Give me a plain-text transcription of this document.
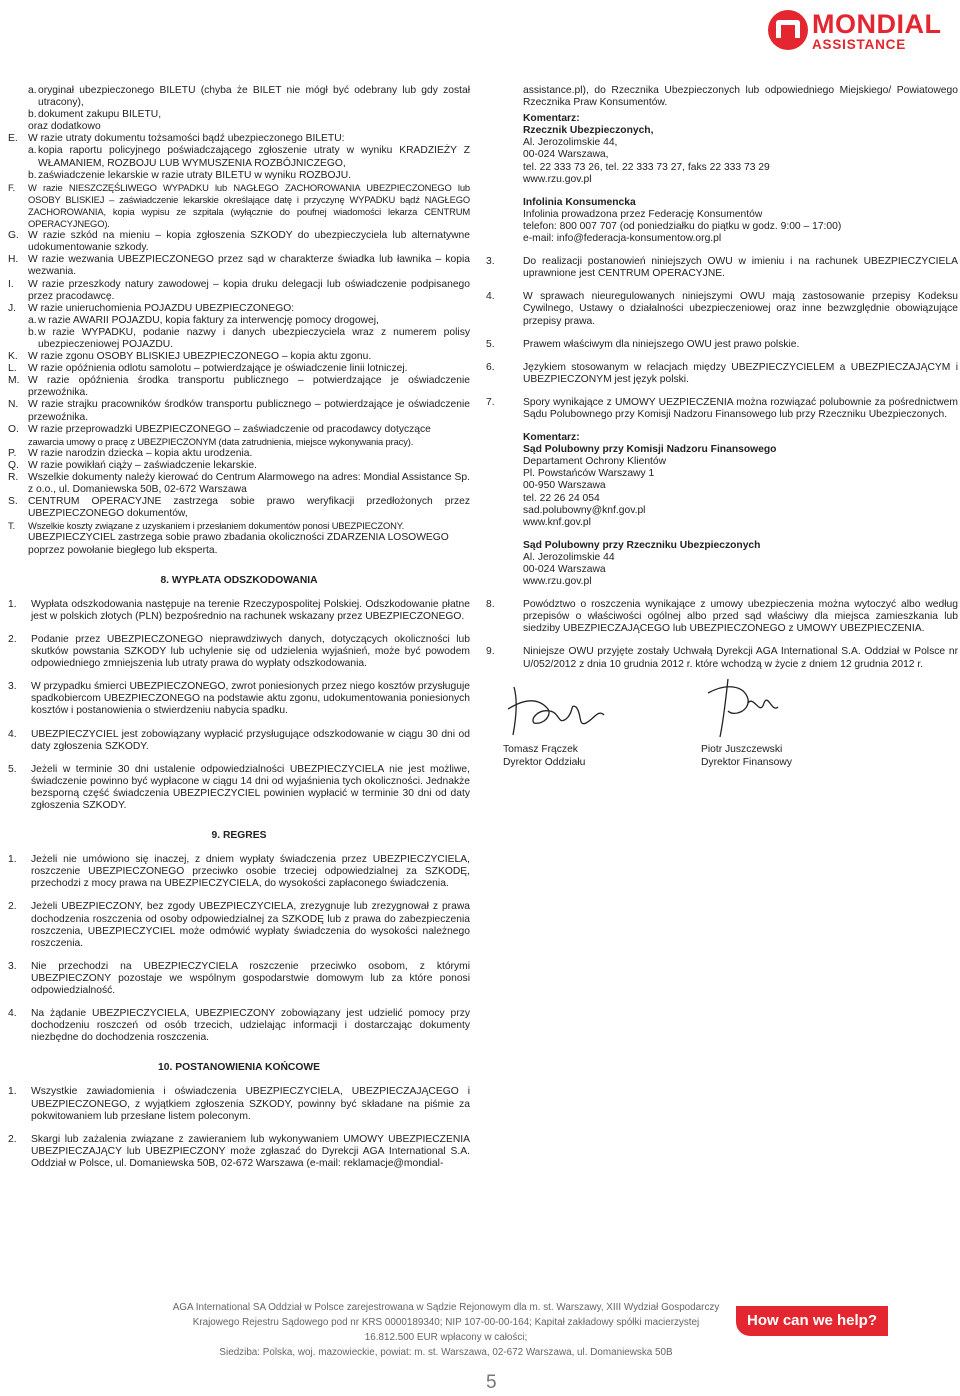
MONDIAL
ASSISTANCE
a. oryginał ubezpieczonego BILETU (chyba że BILET nie mógł być odebrany lub gdy został utracony),
b. dokument zakupu BILETU,
oraz dodatkowo
E. W razie utraty dokumentu tożsamości bądź ubezpieczonego BILETU:
a. kopia raportu policyjnego poświadczającego zgłoszenie utraty w wyniku KRADZIEŻY Z WŁAMANIEM, ROZBOJU LUB WYMUSZENIA ROZBÓJNICZEGO,
b. zaświadczenie lekarskie w razie utraty BILETU w wyniku ROZBOJU.
F.	W razie NIESZCZĘŚLIWEGO WYPADKU lub NAGŁEGO ZACHOROWANIA UBEZPIECZONEGO lub OSOBY BLISKIEJ – zaświadczenie lekarskie określające datę i przyczynę WYPADKU bądź NAGŁEGO ZACHOROWANIA, kopia wypisu ze szpitala (wyłącznie do poufnej wiadomości lekarza CENTRUM OPERACYJNEGO).
G. W razie szkód na mieniu – kopia zgłoszenia SZKODY do ubezpieczyciela lub alternatywne udokumentowanie szkody.
H. W razie wezwania UBEZPIECZONEGO przez sąd w charakterze świadka lub ławnika – kopia wezwania.
I.	W razie przeszkody natury zawodowej – kopia druku delegacji lub oświadczenie podpisanego przez pracodawcę.
J.	W razie unieruchomienia POJAZDU UBEZPIECZONEGO:
a. w razie AWARII POJAZDU, kopia faktury za interwencję pomocy drogowej,
b. w razie WYPADKU, podanie nazwy i danych ubezpieczyciela wraz z numerem polisy ubezpieczeniowej POJAZDU.
K. W razie zgonu OSOBY BLISKIEJ UBEZPIECZONEGO – kopia aktu zgonu.
L.	W razie opóźnienia odlotu samolotu – potwierdzające je oświadczenie linii lotniczej.
M. W razie opóźnienia środka transportu publicznego – potwierdzające je oświadczenie przewoźnika.
N. W razie strajku pracowników środków transportu publicznego – potwierdzające je oświadczenie przewoźnika.
O. W razie przeprowadzki UBEZPIECZONEGO – zaświadczenie od pracodawcy dotyczące
zawarcia umowy o pracę z UBEZPIECZONYM (data zatrudnienia, miejsce wykonywania pracy).
P.	W razie narodzin dziecka – kopia aktu urodzenia.
Q. W razie powikłań ciąży – zaświadczenie lekarskie.
R. Wszelkie dokumenty należy kierować do Centrum Alarmowego na adres: Mondial Assistance Sp. z o.o., ul. Domaniewska 50B, 02-672 Warszawa
S. CENTRUM OPERACYJNE zastrzega sobie prawo weryfikacji przedłożonych przez UBEZPIECZONEGO dokumentów,
T.	Wszelkie koszty związane z uzyskaniem i przesłaniem dokumentów ponosi UBEZPIECZONY.
UBEZPIECZYCIEL zastrzega sobie prawo zbadania okoliczności ZDARZENIA LOSOWEGO poprzez powołanie biegłego lub eksperta.
8. WYPŁATA ODSZKODOWANIA
1.	Wypłata odszkodowania następuje na terenie Rzeczypospolitej Polskiej. Odszkodowanie płatne jest w polskich złotych (PLN) bezpośrednio na rachunek wskazany przez UBEZPIECZONEGO.
2.	Podanie przez UBEZPIECZONEGO nieprawdziwych danych, dotyczących okoliczności lub skutków powstania SZKODY lub uchylenie się od udzielenia wyjaśnień, może być powodem odpowiedniego zmniejszenia lub utraty prawa do wypłaty odszkodowania.
3.	W przypadku śmierci UBEZPIECZONEGO, zwrot poniesionych przez niego kosztów przysługuje spadkobiercom UBEZPIECZONEGO na podstawie aktu zgonu, udokumentowania poniesionych kosztów i postanowienia o stwierdzeniu nabycia spadku.
4.	UBEZPIECZYCIEL jest zobowiązany wypłacić przysługujące odszkodowanie w ciągu 30 dni od daty zgłoszenia SZKODY.
5.	Jeżeli w terminie 30 dni ustalenie odpowiedzialności UBEZPIECZYCIELA nie jest możliwe, świadczenie powinno być wypłacone w ciągu 14 dni od wyjaśnienia tych okoliczności. Jednakże bezsporną część świadczenia UBEZPIECZYCIEL powinien wypłacić w terminie 30 dni od daty zgłoszenia SZKODY.
9. REGRES
1.	Jeżeli nie umówiono się inaczej, z dniem wypłaty świadczenia przez UBEZPIECZYCIELA, roszczenie UBEZPIECZONEGO przeciwko osobie trzeciej odpowiedzialnej za SZKODĘ, przechodzi z mocy prawa na UBEZPIECZYCIELA, do wysokości zapłaconego świadczenia.
2.	Jeżeli UBEZPIECZONY, bez zgody UBEZPIECZYCIELA, zrezygnuje lub zrezygnował z prawa dochodzenia roszczenia od osoby odpowiedzialnej za SZKODĘ lub z prawa do zabezpieczenia roszczenia, UBEZPIECZYCIEL może odmówić wypłaty świadczenia do wysokości należnego roszczenia.
3.	Nie przechodzi na UBEZPIECZYCIELA roszczenie przeciwko osobom, z którymi UBEZPIECZONY pozostaje we wspólnym gospodarstwie domowym lub za które ponosi odpowiedzialność.
4.	Na żądanie UBEZPIECZYCIELA, UBEZPIECZONY zobowiązany jest udzielić pomocy przy dochodzeniu roszczeń od osób trzecich, udzielając informacji i dostarczając dokumenty niezbędne do dochodzenia roszczenia.
10. POSTANOWIENIA KOŃCOWE
1.	Wszystkie zawiadomienia i oświadczenia UBEZPIECZYCIELA, UBEZPIECZAJĄCEGO i UBEZPIECZONEGO, z wyjątkiem zgłoszenia SZKODY, powinny być składane na piśmie za pokwitowaniem lub przesłane listem poleconym.
2.	Skargi lub zażalenia związane z zawieraniem lub wykonywaniem UMOWY UBEZPIECZENIA UBEZPIECZAJĄCY lub UBEZPIECZONY może zgłaszać do Dyrekcji AGA International S.A. Oddział w Polsce, ul. Domaniewska 50B, 02-672 Warszawa (e-mail: reklamacje@mondial-
assistance.pl), do Rzecznika Ubezpieczonych lub odpowiedniego Miejskiego/ Powiatowego Rzecznika Praw Konsumentów.
Komentarz:
Rzecznik Ubezpieczonych,
Al. Jerozolimskie 44,
00-024 Warszawa,
tel. 22 333 73 26, tel. 22 333 73 27, faks 22 333 73 29
www.rzu.gov.pl
Infolinia Konsumencka
Infolinia prowadzona przez Federację Konsumentów
telefon: 800 007 707 (od poniedziałku do piątku w godz. 9:00 – 17:00)
e-mail: info@federacja-konsumentow.org.pl
3.	Do realizacji postanowień niniejszych OWU w imieniu i na rachunek UBEZPIECZYCIELA uprawnione jest CENTRUM OPERACYJNE.
4.	W sprawach nieuregulowanych niniejszymi OWU mają zastosowanie przepisy Kodeksu Cywilnego, Ustawy o działalności ubezpieczeniowej oraz inne bezwzględnie obowiązujące przepisy prawa.
5.	Prawem właściwym dla niniejszego OWU jest prawo polskie.
6.	Językiem stosowanym w relacjach między UBEZPIECZYCIELEM a UBEZPIECZAJĄCYM i UBEZPIECZONYM jest język polski.
7.	Spory wynikające z UMOWY UEZPIECZENIA można rozwiązać polubownie za pośrednictwem Sądu Polubownego przy Komisji Nadzoru Finansowego lub przy Rzeczniku Ubezpieczonych.
Komentarz:
Sąd Polubowny przy Komisji Nadzoru Finansowego
Departament Ochrony Klientów
Pl. Powstańców Warszawy 1
00-950 Warszawa
tel. 22 26 24 054
sad.polubowny@knf.gov.pl
www.knf.gov.pl
Sąd Polubowny przy Rzeczniku Ubezpieczonych
Al. Jerozolimskie 44
00-024 Warszawa
www.rzu.gov.pl
8.	Powództwo o roszczenia wynikające z umowy ubezpieczenia można wytoczyć albo według przepisów o właściwości ogólnej albo przed sąd właściwy dla miejsca zamieszkania lub siedziby UBEZPIECZAJĄCEGO lub UBEZPIECZONEGO z UMOWY UBEZPIECZENIA.
9.	Niniejsze OWU przyjęte zostały Uchwałą Dyrekcji AGA International S.A. Oddział w Polsce nr U/052/2012 z dnia 10 grudnia 2012 r. które wchodzą w życie z dniem 12 grudnia 2012 r.
Tomasz Frączek
Dyrektor Oddziału
Piotr Juszczewski
Dyrektor Finansowy
AGA International SA Oddział w Polsce zarejestrowana w Sądzie Rejonowym dla m. st. Warszawy, XIII Wydział Gospodarczy
Krajowego Rejestru Sądowego pod nr KRS 0000189340; NIP 107-00-00-164; Kapitał zakładowy spółki macierzystej 16.812.500 EUR wpłacony w całości;
Siedziba: Polska, woj. mazowieckie, powiat: m. st. Warszawa, 02-672 Warszawa, ul. Domaniewska 50B
How can we help?
5
